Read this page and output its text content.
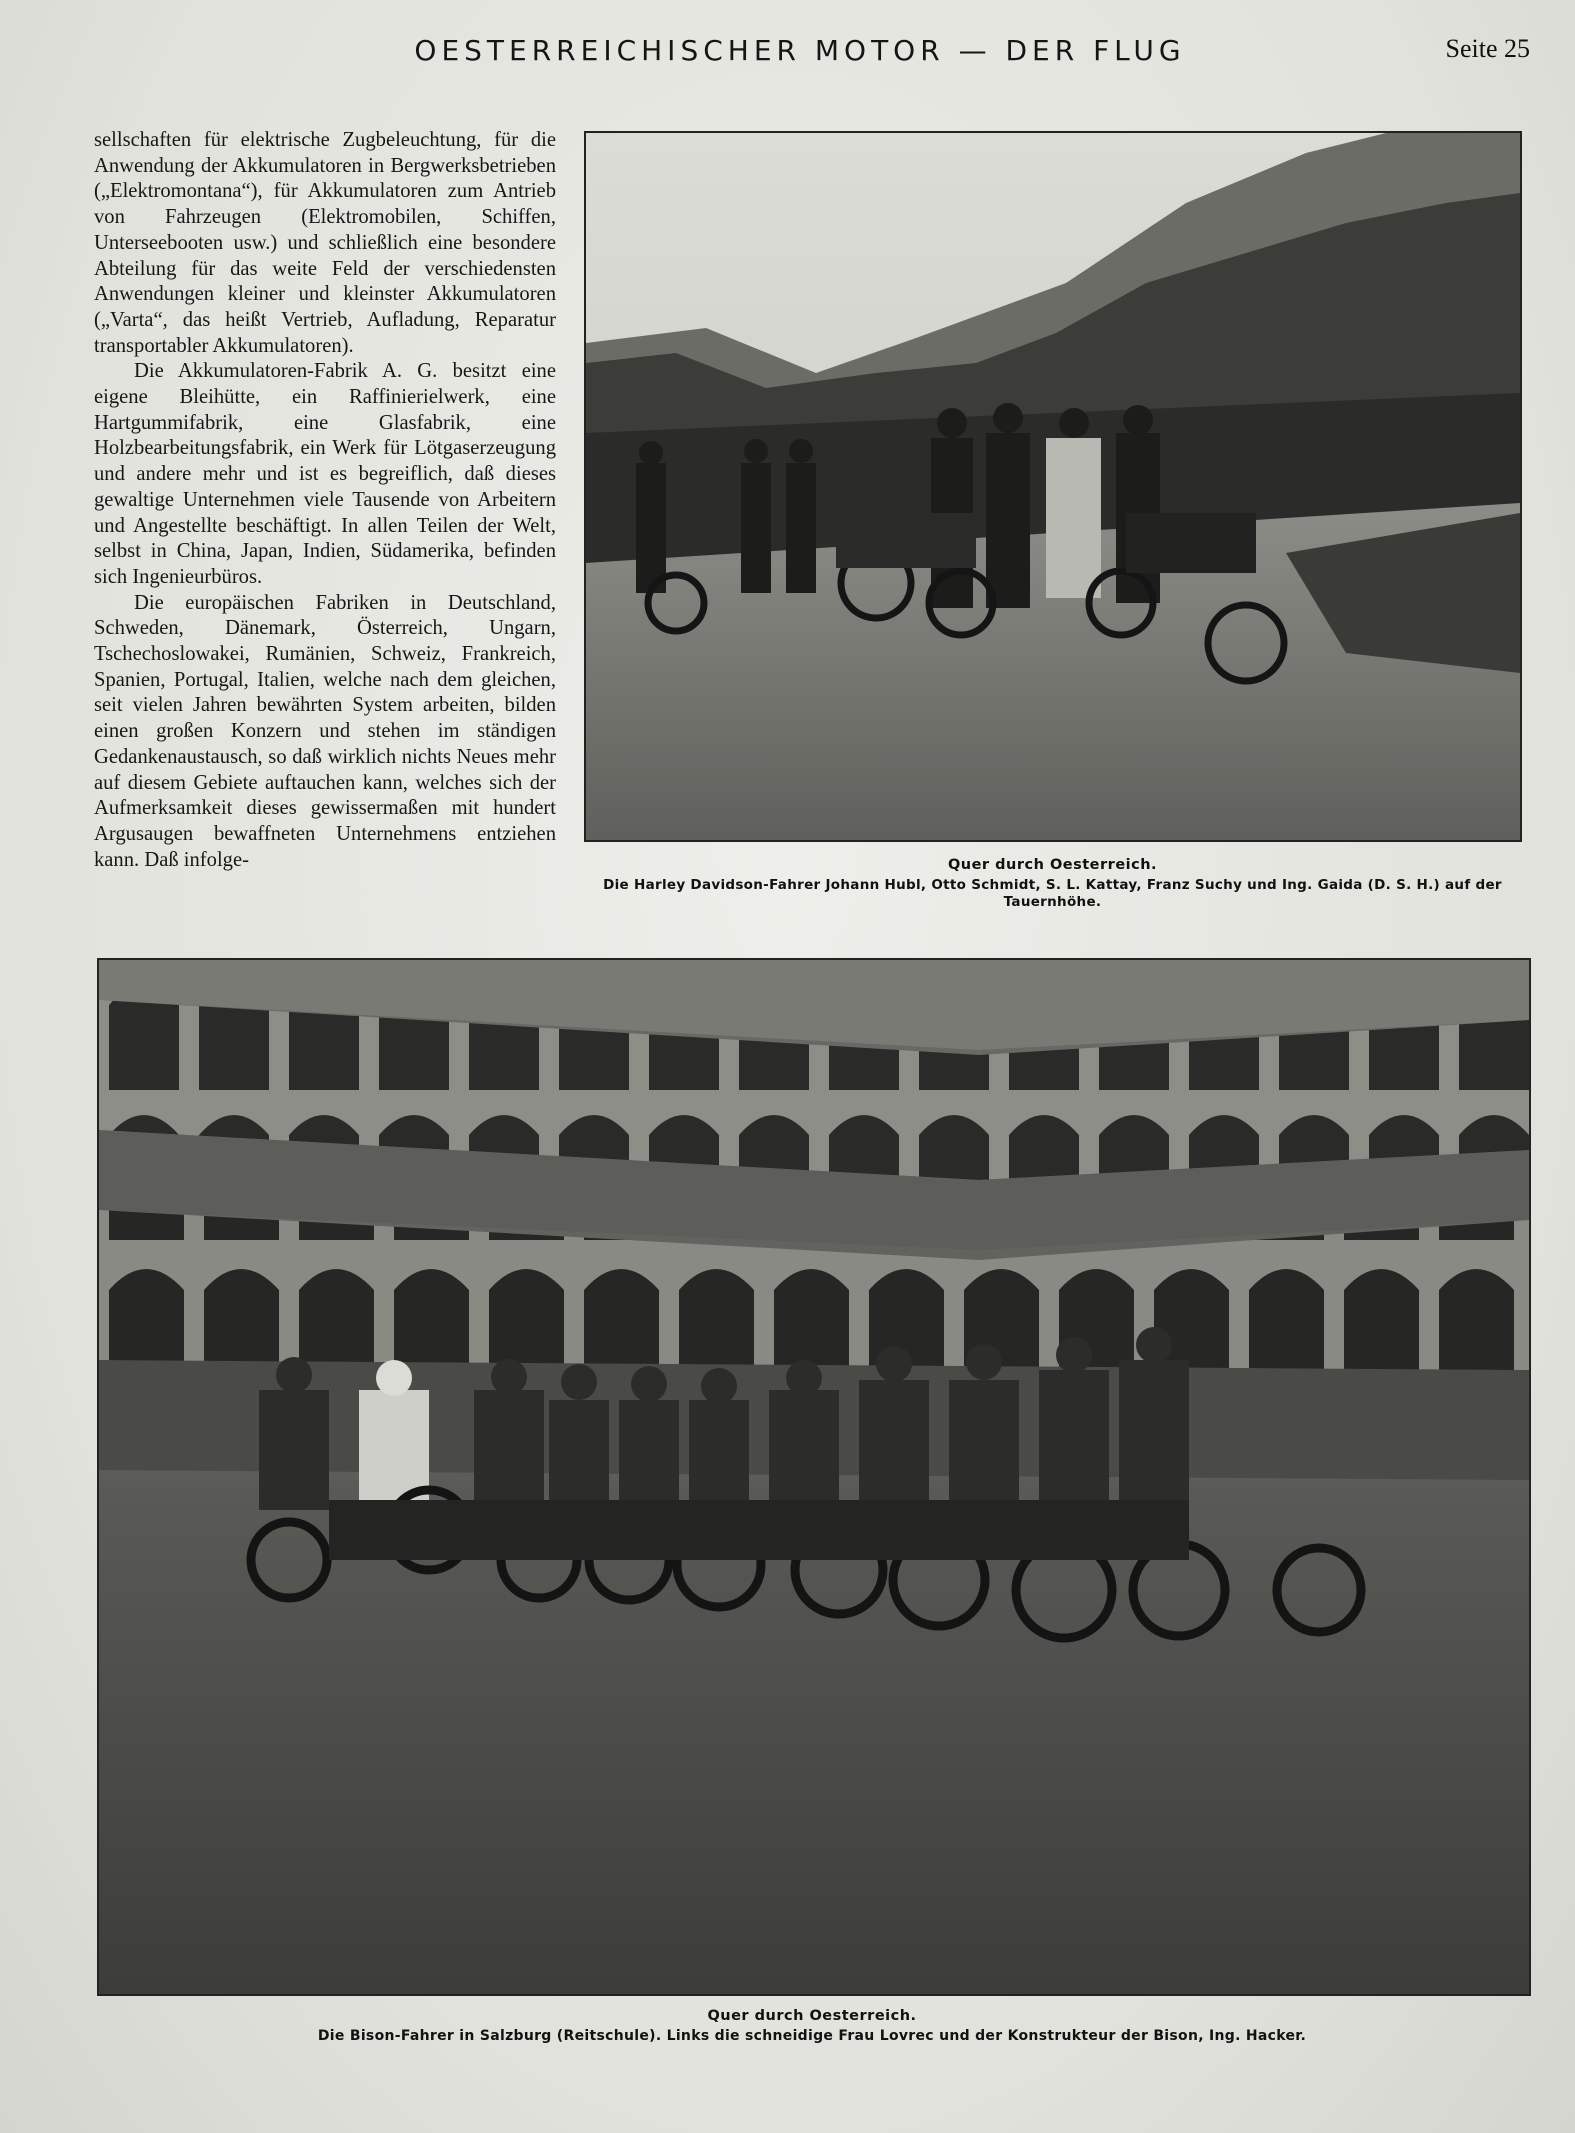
OESTERREICHISCHER MOTOR — DER FLUG	Seite 25

sellschaften für elektrische Zugbeleuchtung, für die Anwendung der Akkumulatoren in Bergwerksbetrieben („Elektromontana“), für Akkumulatoren zum Antrieb von Fahrzeugen (Elektromobilen, Schiffen, Unterseebooten usw.) und schließlich eine besondere Abteilung für das weite Feld der verschiedensten Anwendungen kleiner und kleinster Akkumulatoren („Varta“, das heißt Vertrieb, Aufladung, Reparatur transportabler Akkumulatoren).

Die Akkumulatoren-Fabrik A. G. besitzt eine eigene Bleihütte, ein Raffinierielwerk, eine Hartgummifabrik, eine Glasfabrik, eine Holzbearbeitungsfabrik, ein Werk für Lötgaserzeugung und andere mehr und ist es begreiflich, daß dieses gewaltige Unternehmen viele Tausende von Arbeitern und Angestellte beschäftigt. In allen Teilen der Welt, selbst in China, Japan, Indien, Südamerika, befinden sich Ingenieurbüros.

Die europäischen Fabriken in Deutschland, Schweden, Dänemark, Österreich, Ungarn, Tschechoslowakei, Rumänien, Schweiz, Frankreich, Spanien, Portugal, Italien, welche nach dem gleichen, seit vielen Jahren bewährten System arbeiten, bilden einen großen Konzern und stehen im ständigen Gedankenaustausch, so daß wirklich nichts Neues mehr auf diesem Gebiete auftauchen kann, welches sich der Aufmerksamkeit dieses gewissermaßen mit hundert Argusaugen bewaffneten Unternehmens entziehen kann. Daß infolge-	Quer durch Oesterreich.
Die Harley Davidson-Fahrer Johann Hubl, Otto Schmidt, S. L. Kattay, Franz Suchy und Ing. Gaida (D. S. H.) auf der Tauernhöhe.
Quer durch Oesterreich.
Die Bison-Fahrer in Salzburg (Reitschule). Links die schneidige Frau Lovrec und der Konstrukteur der Bison, Ing. Hacker.
